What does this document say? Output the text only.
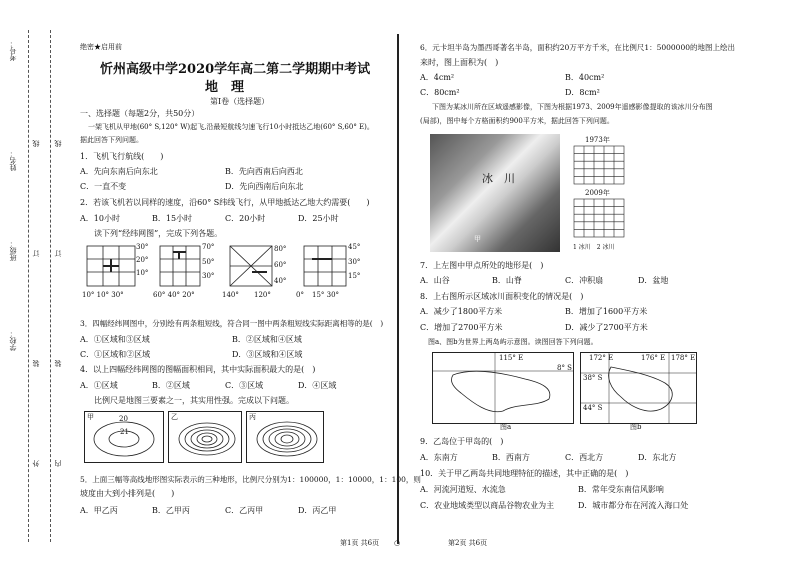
学校：
班级：
姓名：
考号：
外
装
订
线
内
装
订
线
绝密★启用前
忻州高级中学2020学年高二第二学期期中考试
地　理
第Ⅰ卷（选择题）
一、选择题（每题2分，共50分）
一架飞机从甲地(60° S,120° W)起飞,沿最短航线匀速飞行10小时抵达乙地(60° S,60° E)。
据此回答下列问题。
1．飞机飞行航线(　　)
A．先向东南后向东北	B．先向西南后向西北
C．一直不变	D．先向西南后向东北
2．若该飞机若以同样的速度，沿60° S纬线飞行，从甲地抵达乙地大约需要(　　)
A．10小时	B．15小时	C．20小时	D．25小时
读下列“经纬网图”，完成下列各题。
30°
20°
10°
10° 10° 30°
70°
50°
30°
60° 40° 20°
80°
60°
40°
140° 120°
45°
30°
15°
0° 15° 30°
3．四幅经纬网图中，分别绘有两条粗短线，符合同一图中两条粗短线实际距离相等的是(　)
A．①区域和③区域	B．②区域和④区域
C．①区域和②区域	D．③区域和④区域
4．以上四幅经纬网图的图幅面积相同，其中实际面积最大的是(　)
A．①区域	B．②区域	C．③区域	D．④区域
比例尺是地图三要素之一，其实用性强。完成以下问题。
甲	20
21
乙	丙
5．上面三幅等高线地形图实际表示的三种地形，比例尺分别为1：100000，1：10000，1：100，则
坡度由大到小排列是(　　)
A．甲乙丙	B．乙甲丙	C．乙丙甲	D．丙乙甲
6．元卡坦半岛为墨西哥著名半岛，面积约20万平方千米，在比例尺1：5000000的地图上绘出
来时，图上面积为(　)
A．4cm²	B．40cm²
C．80cm²	D．8cm²
下图为某冰川所在区域遥感影像，下图为根据1973、2009年遥感影像提取的该冰川分布图
(局部)，图中每个方格面积约900平方米，据此回答下列问题。
冰　川
甲
1973年
2009年
1 冰川　2 冰川
7．上左图中甲点所处的地形是(　)
A．山谷	B．山脊	C．冲积扇	D．盆地
8．上右图所示区域冰川面积变化的情况是(　)
A．减少了1800平方米	B．增加了1600平方米
C．增加了2700平方米	D．减少了2700平方米
图a、图b为世界上两岛屿示意图。读图回答下列问题。
115° E
8° S
图a
172° E	176° E 178° E
38° S
44° S
图b
9．乙岛位于甲岛的(　)
A．东南方	B．西南方	C．西北方	D．东北方
10．关于甲乙两岛共同地理特征的描述，其中正确的是(　)
A．河流河道短、水流急	B．常年受东南信风影响
C．农业地域类型以商品谷物农业为主	D．城市都分布在河流入海口处
第1页 共6页 ○	第2页 共6页
